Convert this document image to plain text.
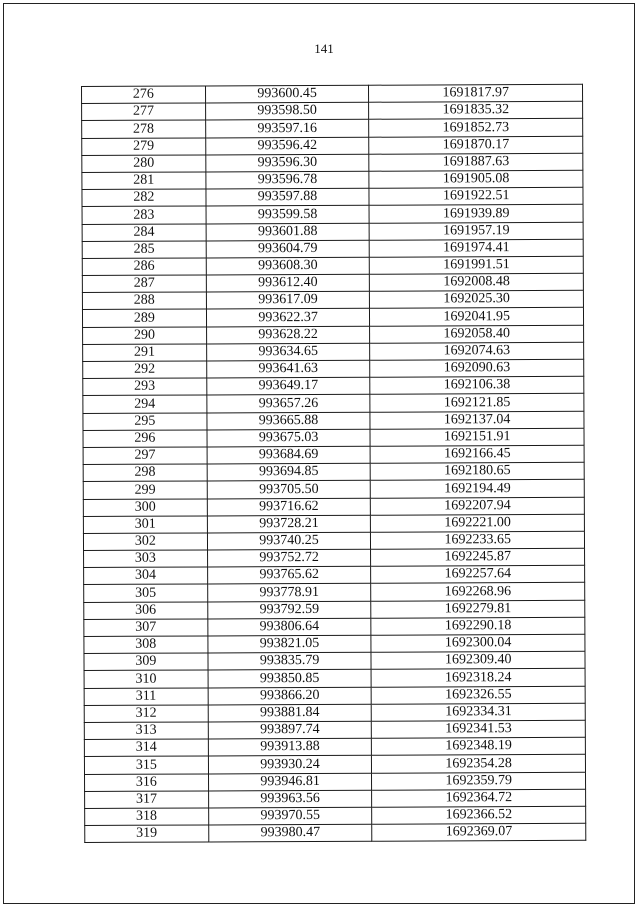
141
276	993600.45	1691817.97
277	993598.50	1691835.32
278	993597.16	1691852.73
279	993596.42	1691870.17
280	993596.30	1691887.63
281	993596.78	1691905.08
282	993597.88	1691922.51
283	993599.58	1691939.89
284	993601.88	1691957.19
285	993604.79	1691974.41
286	993608.30	1691991.51
287	993612.40	1692008.48
288	993617.09	1692025.30
289	993622.37	1692041.95
290	993628.22	1692058.40
291	993634.65	1692074.63
292	993641.63	1692090.63
293	993649.17	1692106.38
294	993657.26	1692121.85
295	993665.88	1692137.04
296	993675.03	1692151.91
297	993684.69	1692166.45
298	993694.85	1692180.65
299	993705.50	1692194.49
300	993716.62	1692207.94
301	993728.21	1692221.00
302	993740.25	1692233.65
303	993752.72	1692245.87
304	993765.62	1692257.64
305	993778.91	1692268.96
306	993792.59	1692279.81
307	993806.64	1692290.18
308	993821.05	1692300.04
309	993835.79	1692309.40
310	993850.85	1692318.24
311	993866.20	1692326.55
312	993881.84	1692334.31
313	993897.74	1692341.53
314	993913.88	1692348.19
315	993930.24	1692354.28
316	993946.81	1692359.79
317	993963.56	1692364.72
318	993970.55	1692366.52
319	993980.47	1692369.07
